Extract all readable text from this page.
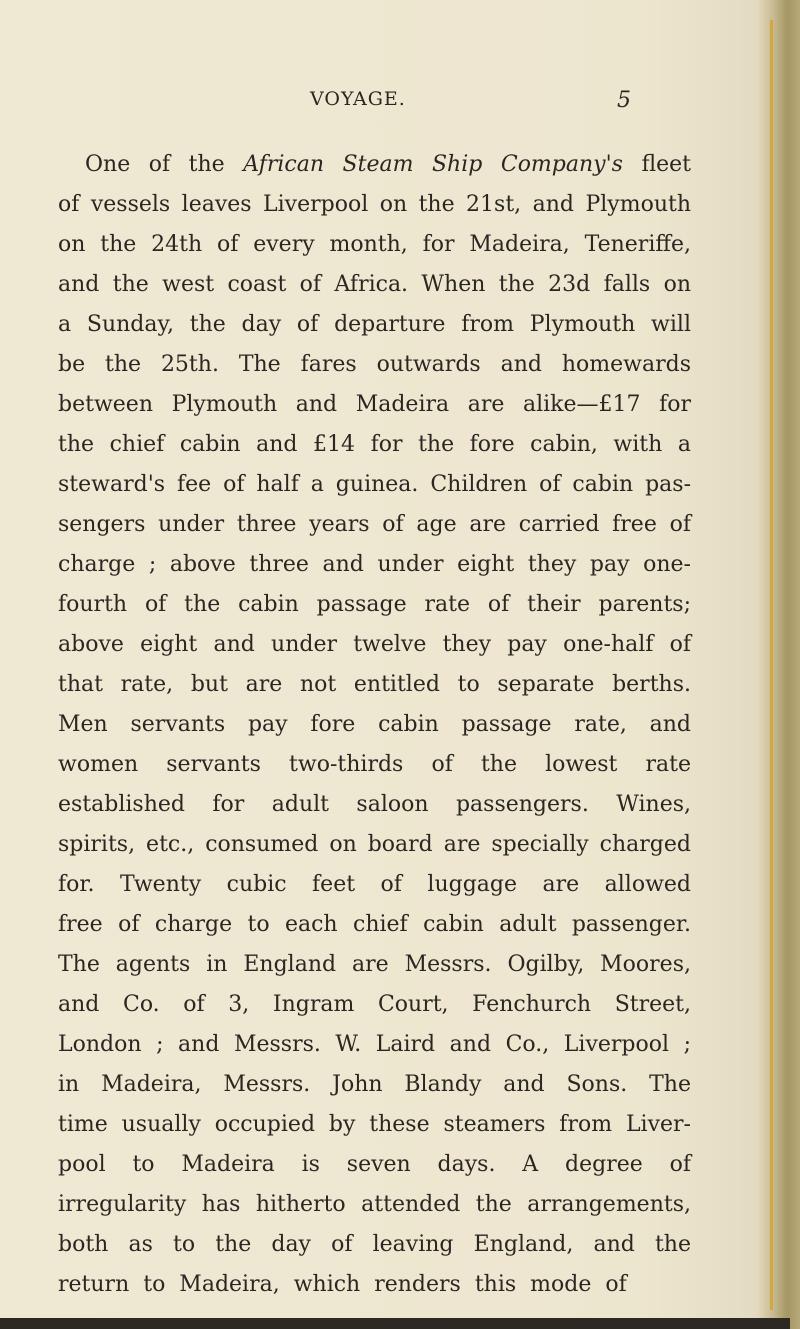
VOYAGE.	5
One of the African Steam Ship Company's fleet
of vessels leaves Liverpool on the 21st, and Plymouth
on the 24th of every month, for Madeira, Teneriffe,
and the west coast of Africa. When the 23d falls on
a Sunday, the day of departure from Plymouth will
be the 25th. The fares outwards and homewards
between Plymouth and Madeira are alike—£17 for
the chief cabin and £14 for the fore cabin, with a
steward's fee of half a guinea. Children of cabin pas-
sengers under three years of age are carried free of
charge ; above three and under eight they pay one-
fourth of the cabin passage rate of their parents;
above eight and under twelve they pay one-half of
that rate, but are not entitled to separate berths.
Men servants pay fore cabin passage rate, and
women servants two-thirds of the lowest rate
established for adult saloon passengers. Wines,
spirits, etc., consumed on board are specially charged
for. Twenty cubic feet of luggage are allowed
free of charge to each chief cabin adult passenger.
The agents in England are Messrs. Ogilby, Moores,
and Co. of 3, Ingram Court, Fenchurch Street,
London ; and Messrs. W. Laird and Co., Liverpool ;
in Madeira, Messrs. John Blandy and Sons. The
time usually occupied by these steamers from Liver-
pool to Madeira is seven days. A degree of
irregularity has hitherto attended the arrangements,
both as to the day of leaving England, and the
return to Madeira, which renders this mode of
